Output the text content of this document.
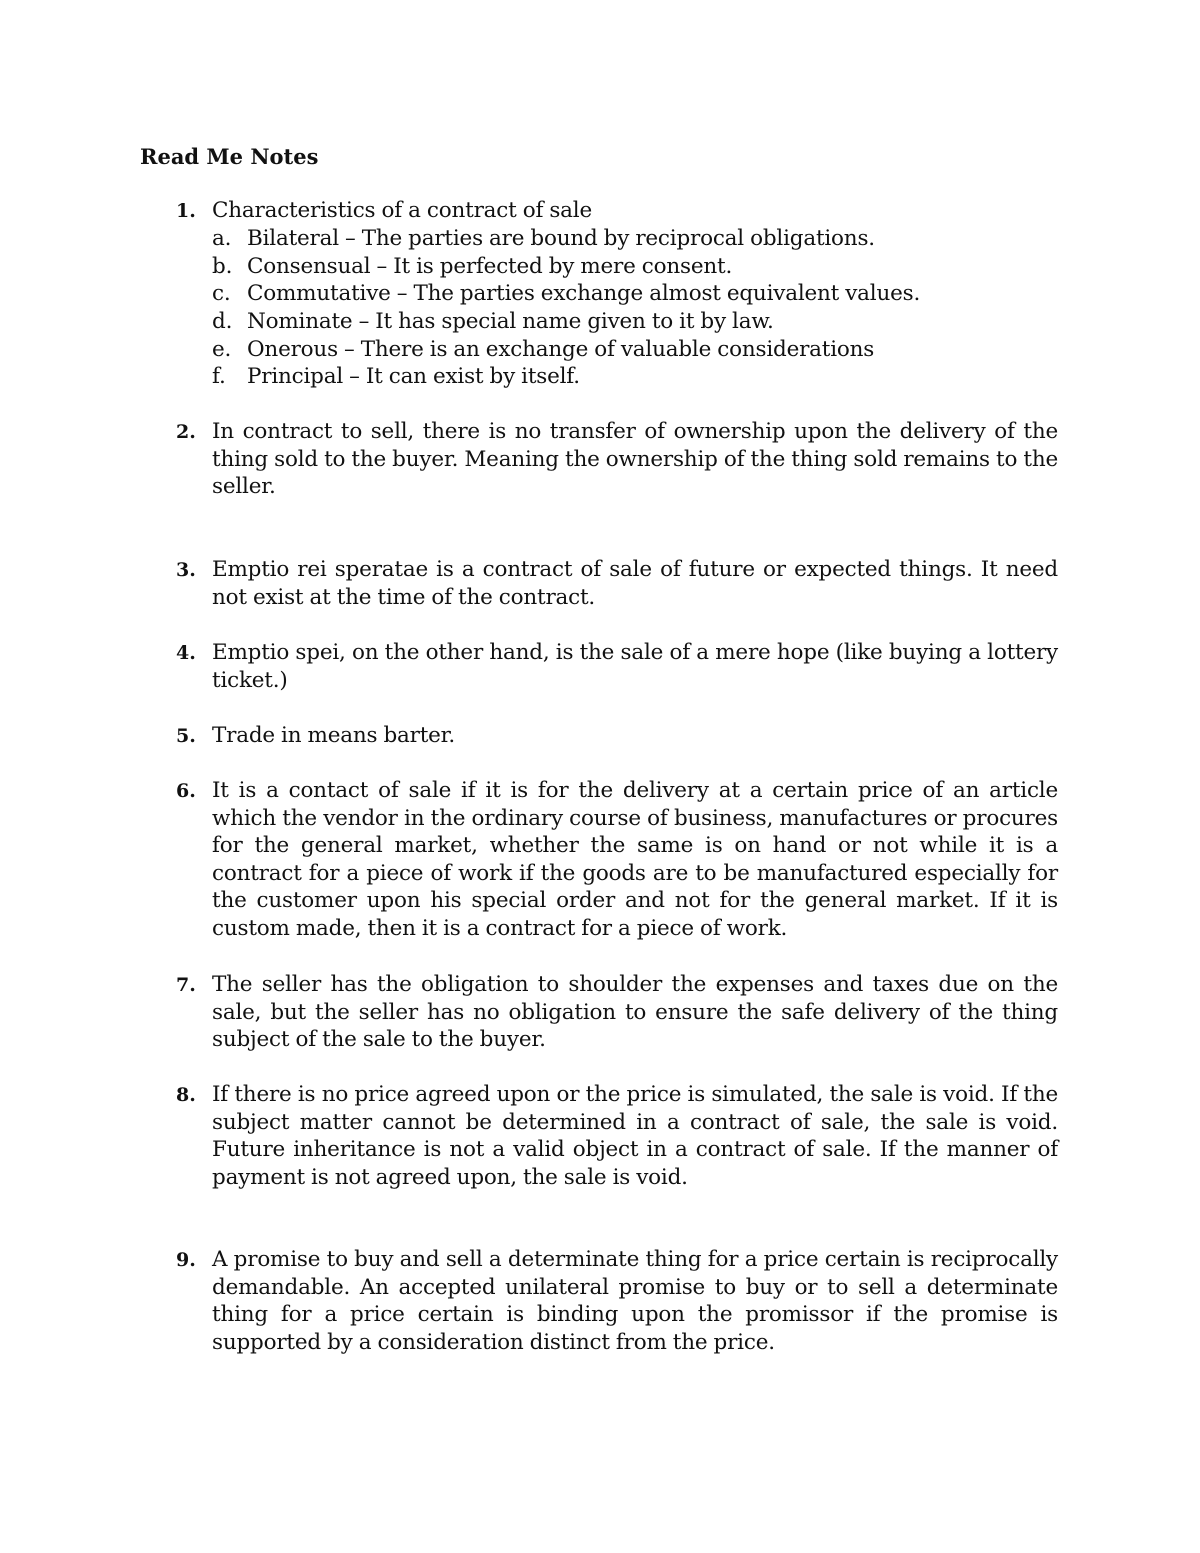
Read Me Notes
1. Characteristics of a contract of sale
a. Bilateral – The parties are bound by reciprocal obligations.
b. Consensual – It is perfected by mere consent.
c. Commutative – The parties exchange almost equivalent values.
d. Nominate – It has special name given to it by law.
e. Onerous – There is an exchange of valuable considerations
f. Principal – It can exist by itself.
2. In contract to sell, there is no transfer of ownership upon the delivery of the thing sold to the buyer. Meaning the ownership of the thing sold remains to the seller.
3. Emptio rei speratae is a contract of sale of future or expected things. It need not exist at the time of the contract.
4. Emptio spei, on the other hand, is the sale of a mere hope (like buying a lottery ticket.)
5. Trade in means barter.
6. It is a contact of sale if it is for the delivery at a certain price of an article which the vendor in the ordinary course of business, manufactures or procures for the general market, whether the same is on hand or not while it is a contract for a piece of work if the goods are to be manufactured especially for the customer upon his special order and not for the general market. If it is custom made, then it is a contract for a piece of work.
7. The seller has the obligation to shoulder the expenses and taxes due on the sale, but the seller has no obligation to ensure the safe delivery of the thing subject of the sale to the buyer.
8. If there is no price agreed upon or the price is simulated, the sale is void. If the subject matter cannot be determined in a contract of sale, the sale is void. Future inheritance is not a valid object in a contract of sale. If the manner of payment is not agreed upon, the sale is void.
9. A promise to buy and sell a determinate thing for a price certain is reciprocally demandable. An accepted unilateral promise to buy or to sell a determinate thing for a price certain is binding upon the promissor if the promise is supported by a consideration distinct from the price.
